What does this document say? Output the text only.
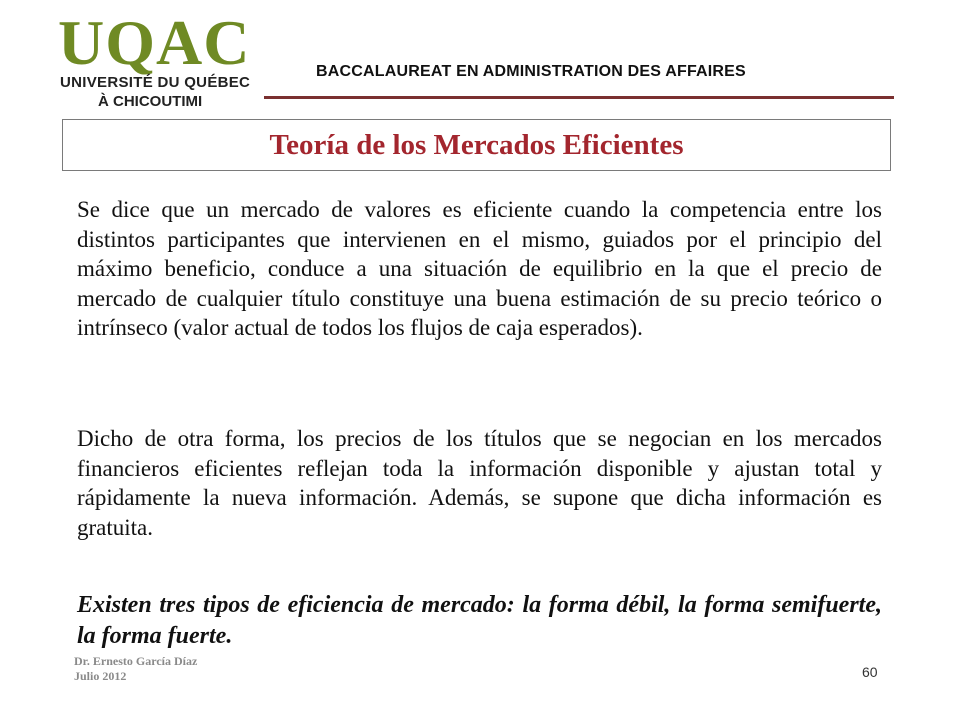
UQAC
UNIVERSITÉ DU QUÉBEC
À CHICOUTIMI
BACCALAUREAT EN ADMINISTRATION DES AFFAIRES
Teoría de los Mercados Eficientes

Se dice que un mercado de valores es eficiente cuando la competencia entre los distintos participantes que intervienen en el mismo, guiados por el principio del máximo beneficio, conduce a una situación de equilibrio en la que el precio de mercado de cualquier título constituye una buena estimación de su precio teórico o intrínseco (valor actual de todos los flujos de caja esperados).

Dicho de otra forma, los precios de los títulos que se negocian en los mercados financieros eficientes reflejan toda la información disponible y ajustan total y rápidamente la nueva información. Además, se supone que dicha información es gratuita.

Existen tres tipos de eficiencia de mercado: la forma débil, la forma semifuerte, la forma fuerte.

Dr. Ernesto García Díaz
Julio 2012	60
